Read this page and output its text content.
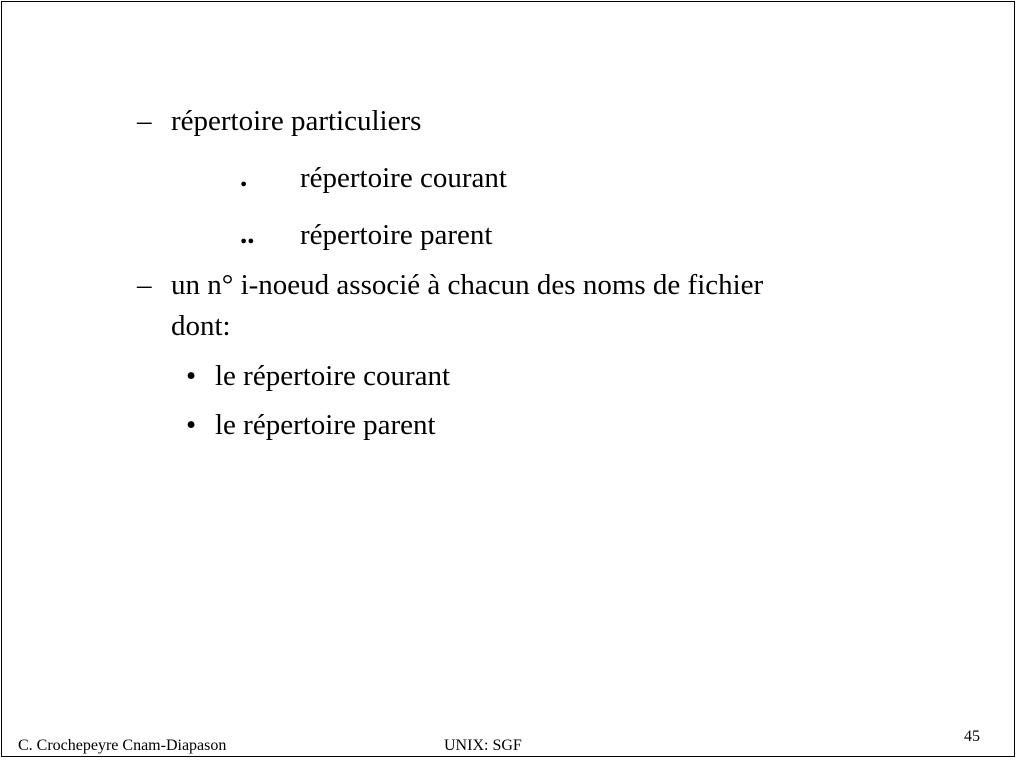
– répertoire particuliers
. répertoire courant
.. répertoire parent
– un n° i-noeud associé à chacun des noms de fichier
dont:
• le répertoire courant
• le répertoire parent
C. Crochepeyre Cnam-Diapason	UNIX: SGF
45
